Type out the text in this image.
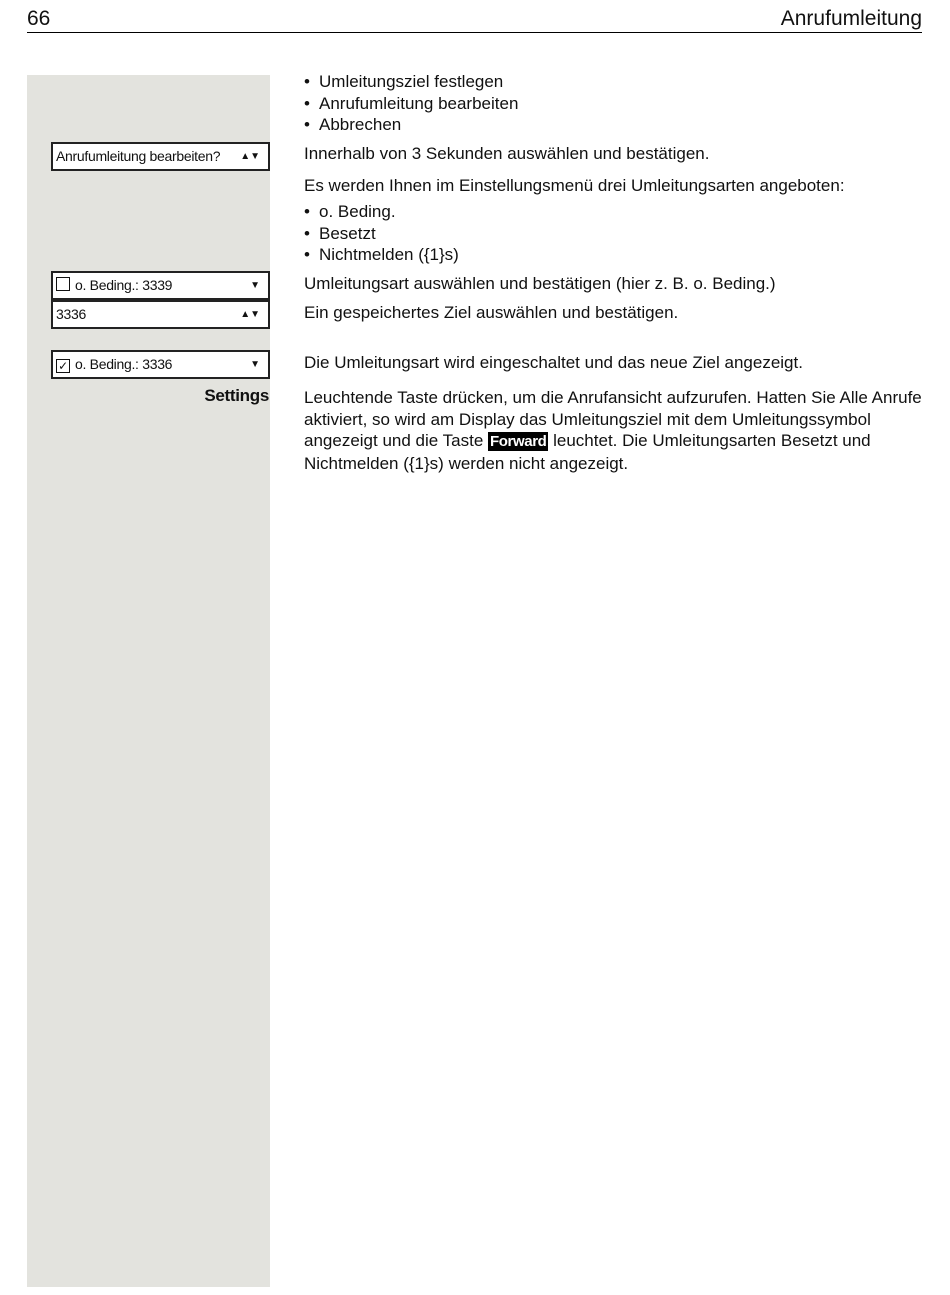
66	Anrufumleitung
Anrufumleitung bearbeiten? ▲▼
o. Beding.: 3339	▼
3336	▲▼
✓ o. Beding.: 3336	▼
Settings
• Umleitungsziel festlegen
• Anrufumleitung bearbeiten
• Abbrechen
Innerhalb von 3 Sekunden auswählen und bestätigen.
Es werden Ihnen im Einstellungsmenü drei Umleitungsarten angeboten:
• o. Beding.
• Besetzt
• Nichtmelden ({1}s)
Umleitungsart auswählen und bestätigen (hier z. B. o. Beding.)
Ein gespeichertes Ziel auswählen und bestätigen.
Die Umleitungsart wird eingeschaltet und das neue Ziel angezeigt.
Leuchtende Taste drücken, um die Anrufansicht aufzurufen. Hatten Sie Alle Anrufe aktiviert, so wird am Display das Umleitungsziel mit dem Umleitungssymbol angezeigt und die Taste Forward leuchtet. Die Umleitungsarten Besetzt und Nichtmelden ({1}s) werden nicht angezeigt.
